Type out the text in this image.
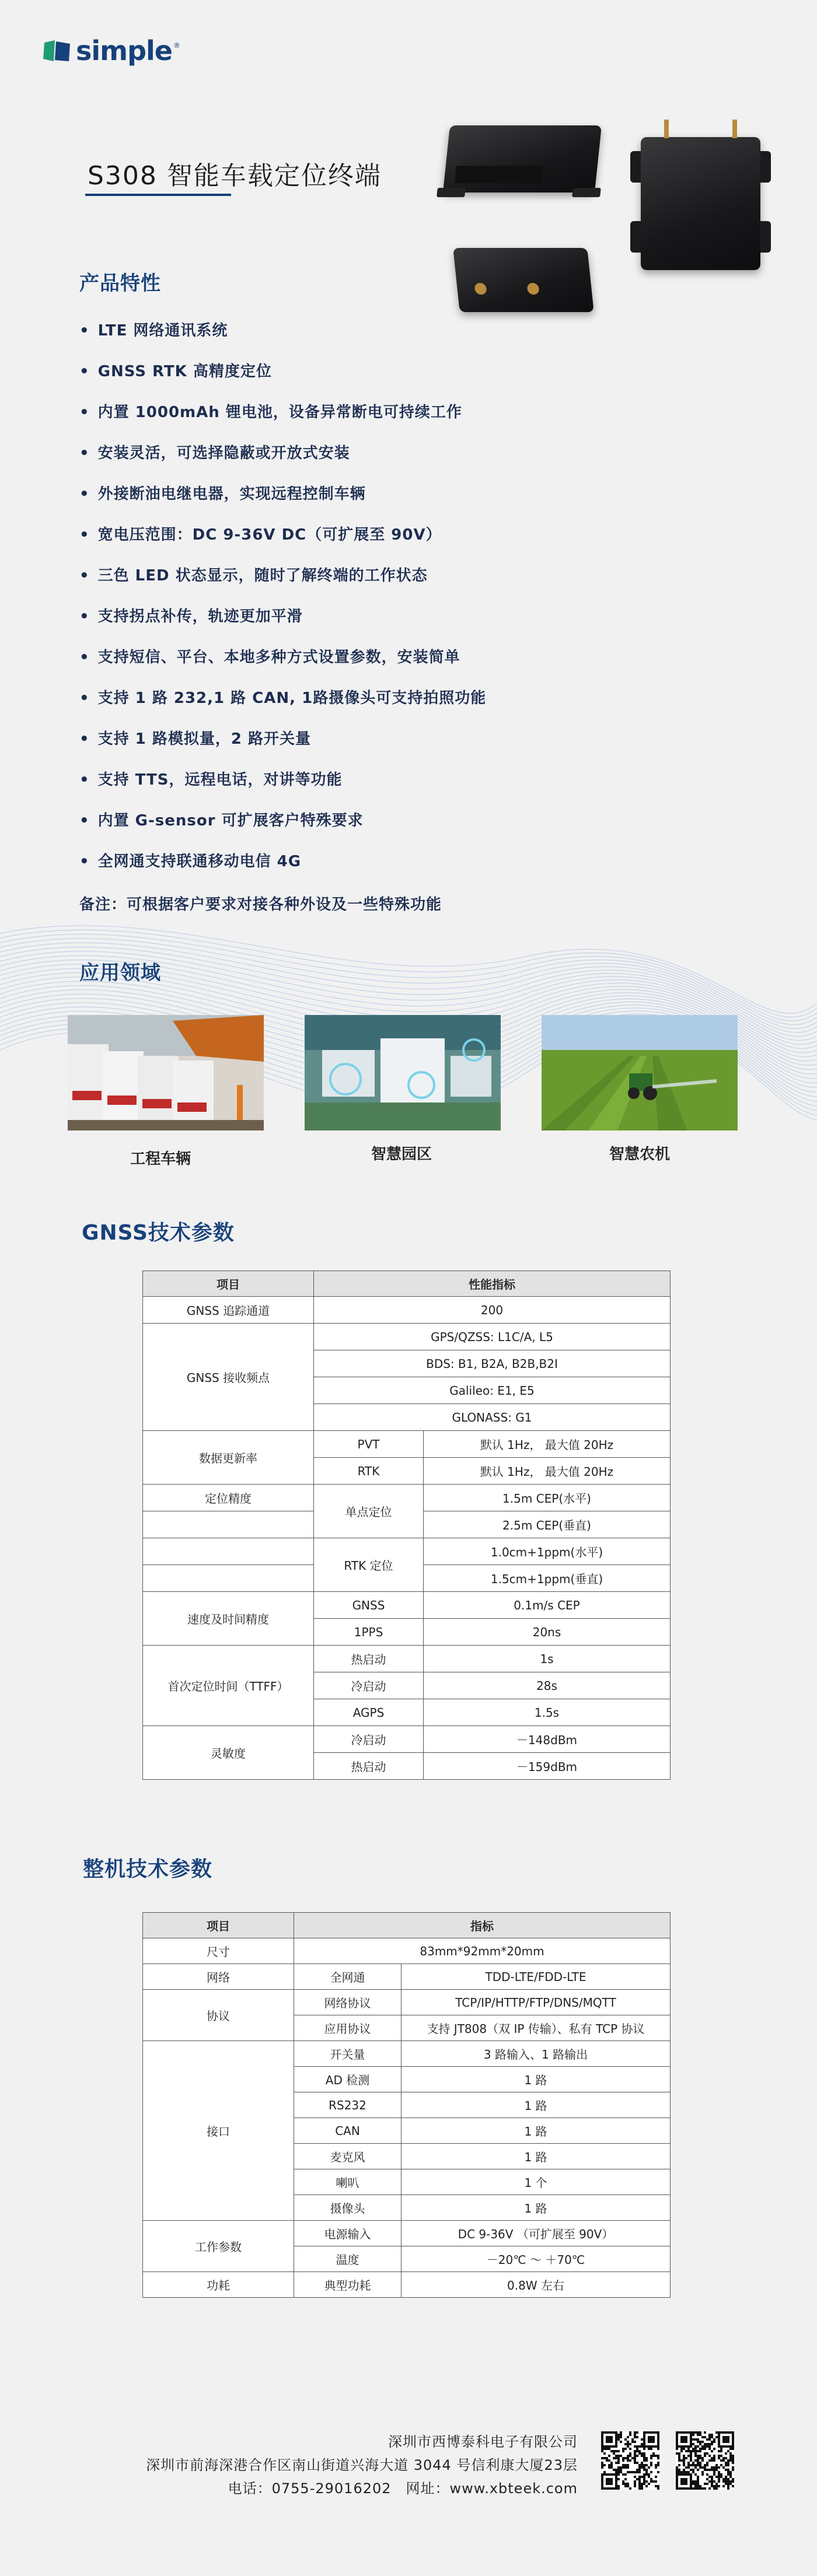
simple ®
S308 智能车载定位终端
产品特性
• LTE 网络通讯系统
• GNSS RTK 高精度定位
• 内置 1000mAh 锂电池，设备异常断电可持续工作
• 安装灵活，可选择隐蔽或开放式安装
• 外接断油电继电器，实现远程控制车辆
• 宽电压范围：DC 9-36V DC（可扩展至 90V）
• 三色 LED 状态显示，随时了解终端的工作状态
• 支持拐点补传，轨迹更加平滑
• 支持短信、平台、本地多种方式设置参数，安装简单
• 支持 1 路 232,1 路 CAN, 1路摄像头可支持拍照功能
• 支持 1 路模拟量，2 路开关量
• 支持 TTS，远程电话，对讲等功能
• 内置 G-sensor 可扩展客户特殊要求
• 全网通支持联通移动电信 4G
备注：可根据客户要求对接各种外设及一些特殊功能
应用领域
工程车辆	智慧园区	智慧农机
GNSS技术参数
项目	性能指标	
GNSS 追踪通道	200	
GNSS 接收频点	GPS/QZSS: L1C/A, L5	
	BDS: B1, B2A, B2B,B2I	
	Galileo: E1, E5	
	GLONASS: G1	
数据更新率	PVT	默认 1Hz， 最大值 20Hz
	RTK	默认 1Hz， 最大值 20Hz
定位精度	单点定位	1.5m CEP(水平)
		2.5m CEP(垂直)
	RTK 定位	1.0cm+1ppm(水平)
		1.5cm+1ppm(垂直)
速度及时间精度	GNSS	0.1m/s CEP
	1PPS	20ns
首次定位时间（TTFF）	热启动	1s
	冷启动	28s
	AGPS	1.5s
灵敏度	冷启动	－148dBm
	热启动	－159dBm
整机技术参数
项目	指标	
尺寸	83mm*92mm*20mm	
网络	全网通	TDD-LTE/FDD-LTE
协议	网络协议	TCP/IP/HTTP/FTP/DNS/MQTT
	应用协议	支持 JT808（双 IP 传输）、私有 TCP 协议
接口	开关量	3 路输入、1 路输出
	AD 检测	1 路
	RS232	1 路
	CAN	1 路
	麦克风	1 路
	喇叭	1 个
	摄像头	1 路
工作参数	电源输入	DC 9-36V （可扩展至 90V）
	温度	－20℃ ～ ＋70℃
功耗	典型功耗	0.8W 左右
深圳市西博泰科电子有限公司
深圳市前海深港合作区南山街道兴海大道 3044 号信利康大厦23层
电话：0755-29016202　网址：www.xbteek.com
